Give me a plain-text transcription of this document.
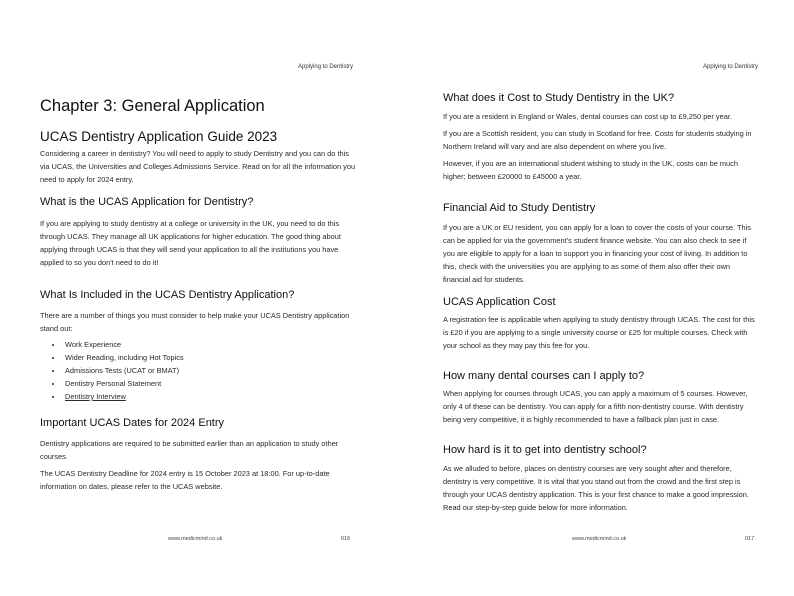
Applying to Dentistry
Chapter 3: General Application
UCAS Dentistry Application Guide 2023

Considering a career in dentistry? You will need to apply to study Dentistry and you can do this via UCAS, the Universities and Colleges Admissions Service. Read on for all the information you need to apply for 2024 entry.

What is the UCAS Application for Dentistry?

If you are applying to study dentistry at a college or university in the UK, you need to do this through UCAS. They manage all UK applications for higher education. The good thing about applying through UCAS is that they will send your application to all the institutions you have applied to so you don't need to do it!

What Is Included in the UCAS Dentistry Application?

There are a number of things you must consider to help make your UCAS Dentistry application stand out:

• Work Experience
• Wider Reading, including Hot Topics
• Admissions Tests (UCAT or BMAT)
• Dentistry Personal Statement
• Dentistry Interview
Important UCAS Dates for 2024 Entry

Dentistry applications are required to be submitted earlier than an application to study other courses.

The UCAS Dentistry Deadline for 2024 entry is 15 October 2023 at 18:00. For up-to-date information on dates, please refer to the UCAS website.

www.medicmind.co.uk	016
Applying to Dentistry
What does it Cost to Study Dentistry in the UK?

If you are a resident in England or Wales, dental courses can cost up to £9,250 per year.

If you are a Scottish resident, you can study in Scotland for free. Costs for students studying in Northern Ireland will vary and are also dependent on where you live.

However, if you are an international student wishing to study in the UK, costs can be much higher; between £20000 to £45000 a year.

Financial Aid to Study Dentistry

If you are a UK or EU resident, you can apply for a loan to cover the costs of your course. This can be applied for via the government's student finance website. You can also check to see if you are eligible to apply for a loan to support you in financing your cost of living. In addition to this, check with the universities you are applying to as some of them also offer their own financial aid for students.

UCAS Application Cost

A registration fee is applicable when applying to study dentistry through UCAS. The cost for this is £20 if you are applying to a single university course or £25 for multiple courses. Check with your school as they may pay this fee for you.

How many dental courses can I apply to?

When applying for courses through UCAS, you can apply a maximum of 5 courses. However, only 4 of these can be dentistry. You can apply for a fifth non-dentistry course. With dentistry being very competitive, it is highly recommended to have a fallback plan just in case.

How hard is it to get into dentistry school?

As we alluded to before, places on dentistry courses are very sought after and therefore, dentistry is very competitive. It is vital that you stand out from the crowd and the first step is through your UCAS dentistry application. This is your first chance to make a good impression. Read our step-by-step guide below for more information.

www.medicmind.co.uk	017
